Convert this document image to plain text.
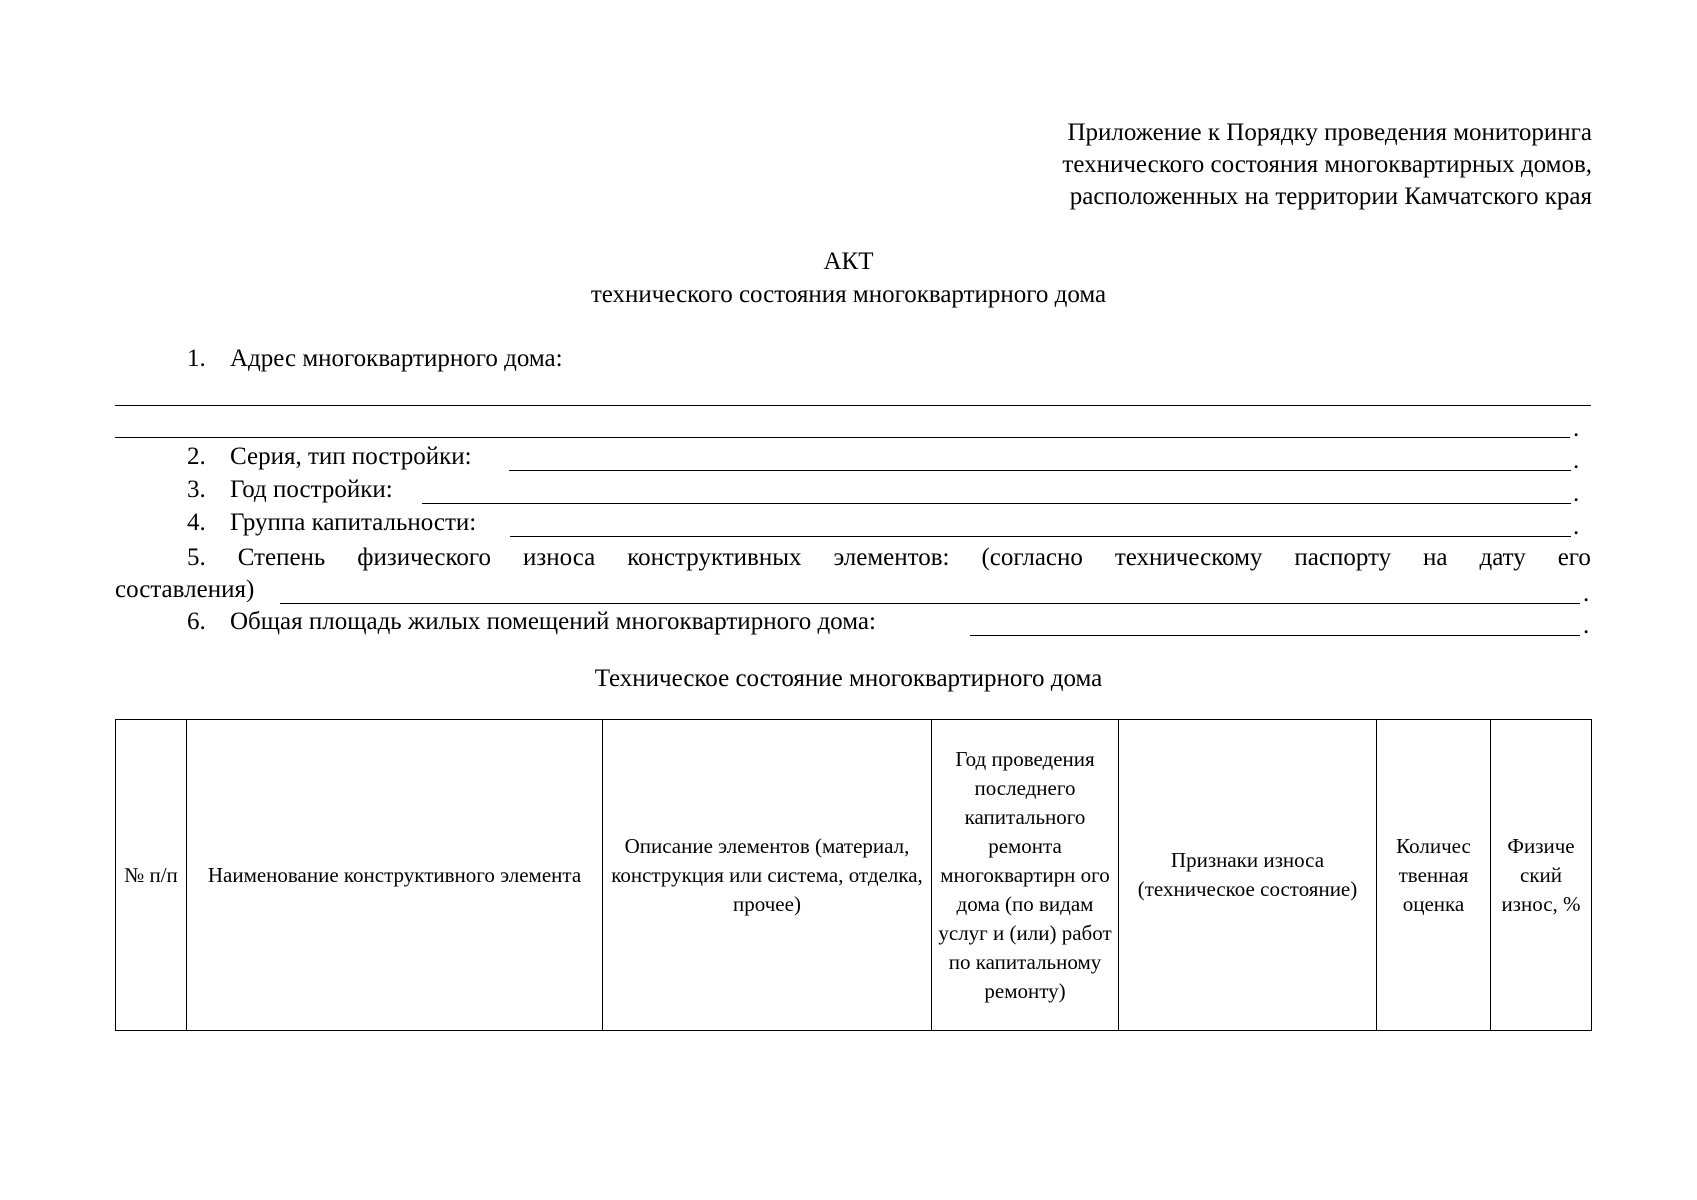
Приложение к Порядку проведения мониторинга
технического состояния многоквартирных домов,
расположенных на территории Камчатского края
АКТ
технического состояния многоквартирного дома
1. Адрес многоквартирного дома:
.
2. Серия, тип постройки:	.
3. Год постройки:	.
4. Группа капитальности:	.
5. Степень физического износа конструктивных элементов: (согласно техническому паспорту на дату его
составления)	.
6. Общая площадь жилых помещений многоквартирного дома:	.
Техническое состояние многоквартирного дома
№ п/п	Наименование конструктивного элемента	Описание элементов (материал, конструкция или система, отделка, прочее)	Год проведения последнего капитального ремонта многоквартирн ого дома (по видам услуг и (или) работ по капитальному ремонту)	Признаки износа (техническое состояние)	Количес твенная оценка	Физиче ский износ, %
